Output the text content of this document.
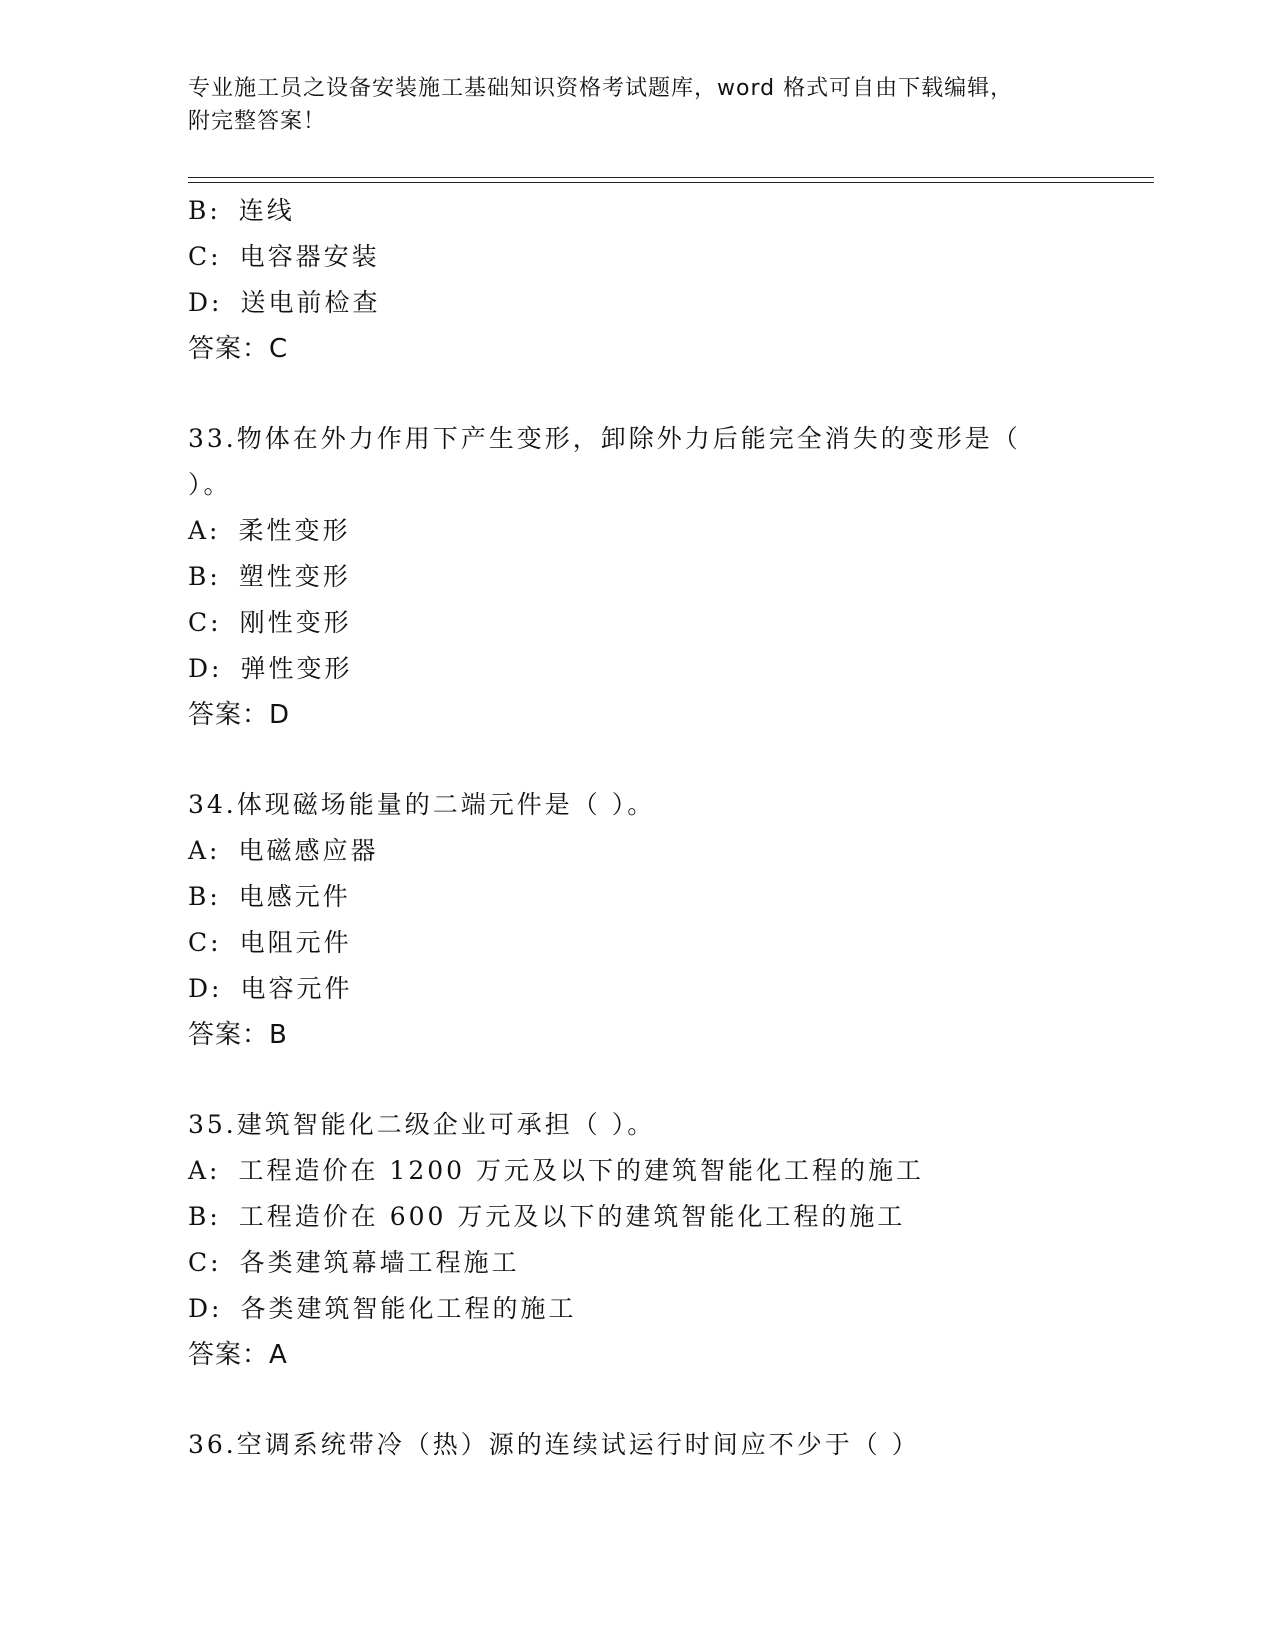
专业施工员之设备安装施工基础知识资格考试题库，word 格式可自由下载编辑，
附完整答案！
B: 连线
C: 电容器安装
D: 送电前检查
答案：C
33.物体在外力作用下产生变形，卸除外力后能完全消失的变形是（
）。
A: 柔性变形
B: 塑性变形
C: 刚性变形
D: 弹性变形
答案：D
34.体现磁场能量的二端元件是（ ）。
A: 电磁感应器
B: 电感元件
C: 电阻元件
D: 电容元件
答案：B
35.建筑智能化二级企业可承担（ ）。
A: 工程造价在 1200 万元及以下的建筑智能化工程的施工
B: 工程造价在 600 万元及以下的建筑智能化工程的施工
C: 各类建筑幕墙工程施工
D: 各类建筑智能化工程的施工
答案：A
36.空调系统带冷（热）源的连续试运行时间应不少于（ ）
